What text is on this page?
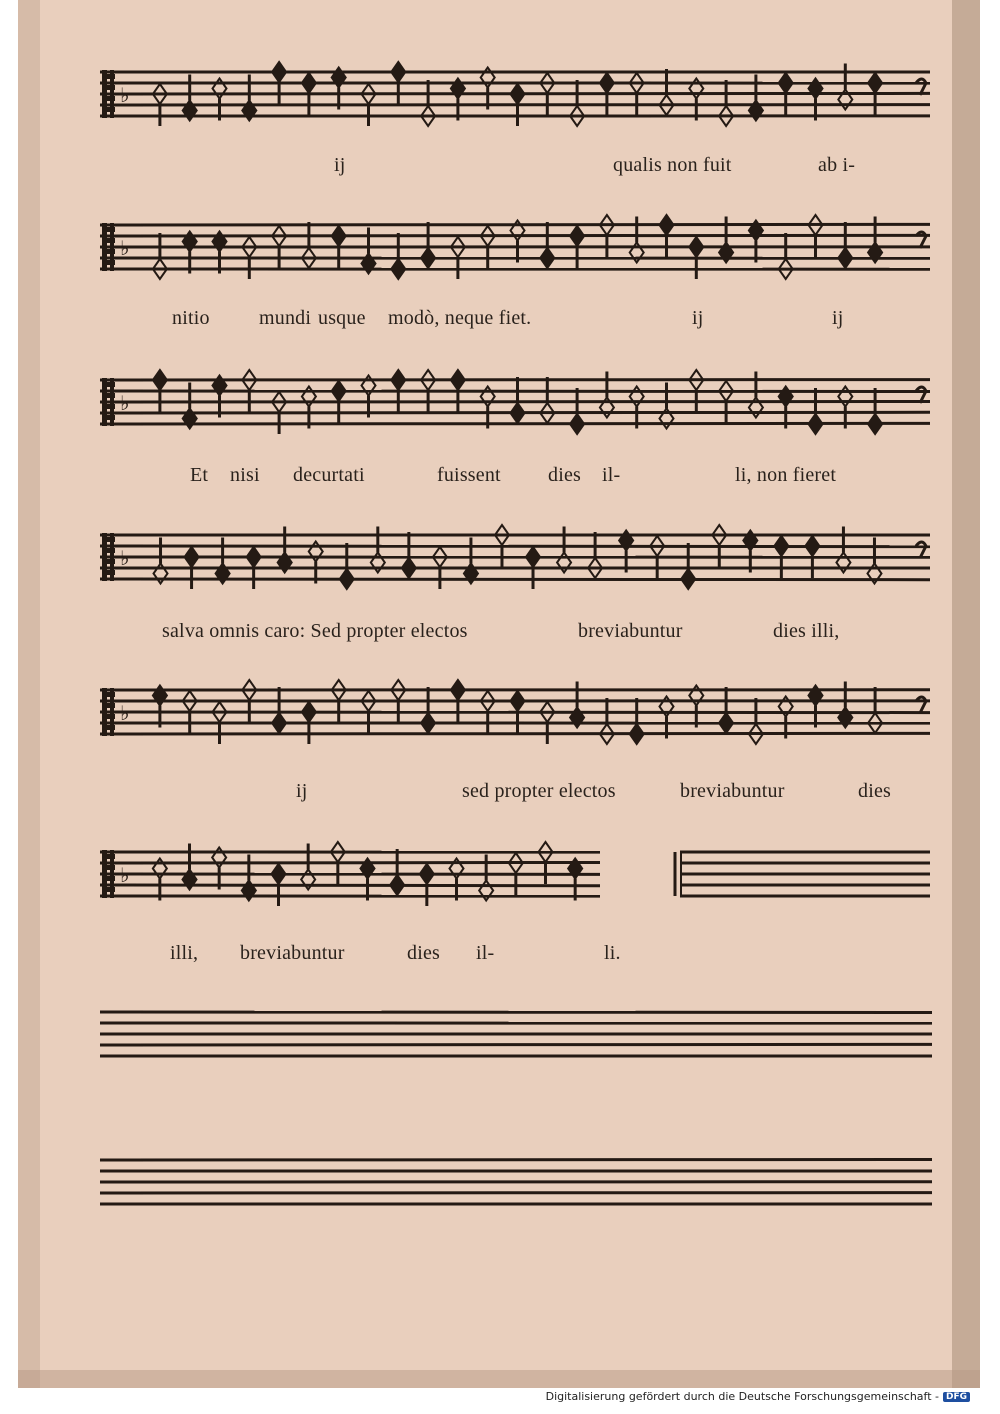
♭
♭
♭
♭
♭
♭
ij	qualis non fuit	ab i-
nitio mundi usque modò, neque fiet.	ij	ij
Et nisi decurtati	fuissent dies il-	li, non fieret
salva omnis caro: Sed propter electos	breviabuntur	dies illi,
ij	sed propter electos	breviabuntur	dies
illi, breviabuntur	dies il-	li.
Digitalisierung gefördert durch die Deutsche Forschungsgemeinschaft - DFG
